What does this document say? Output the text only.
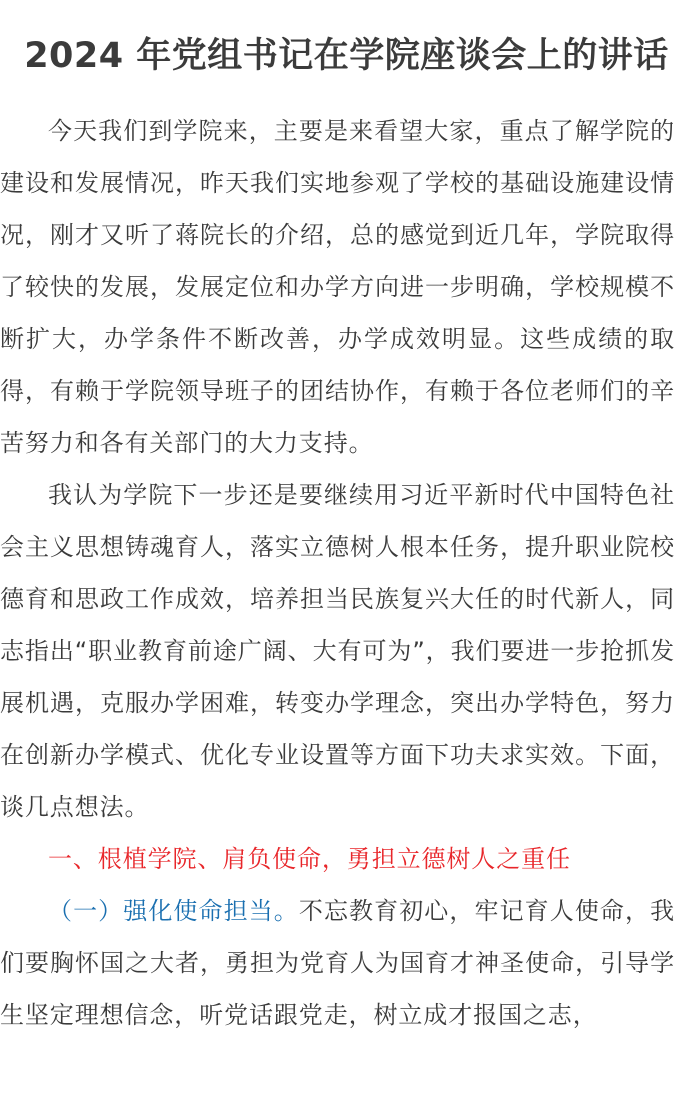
2024 年党组书记在学院座谈会上的讲话

今天我们到学院来，主要是来看望大家，重点了解学院的建设和发展情况，昨天我们实地参观了学校的基础设施建设情况，刚才又听了蒋院长的介绍，总的感觉到近几年，学院取得了较快的发展，发展定位和办学方向进一步明确，学校规模不断扩大，办学条件不断改善，办学成效明显。这些成绩的取得，有赖于学院领导班子的团结协作，有赖于各位老师们的辛苦努力和各有关部门的大力支持。

我认为学院下一步还是要继续用习近平新时代中国特色社会主义思想铸魂育人，落实立德树人根本任务，提升职业院校德育和思政工作成效，培养担当民族复兴大任的时代新人，同志指出“职业教育前途广阔、大有可为”，我们要进一步抢抓发展机遇，克服办学困难，转变办学理念，突出办学特色，努力在创新办学模式、优化专业设置等方面下功夫求实效。下面，谈几点想法。

一、根植学院、肩负使命，勇担立德树人之重任

（一）强化使命担当。不忘教育初心，牢记育人使命，我们要胸怀国之大者，勇担为党育人为国育才神圣使命，引导学生坚定理想信念，听党话跟党走，树立成才报国之志，
